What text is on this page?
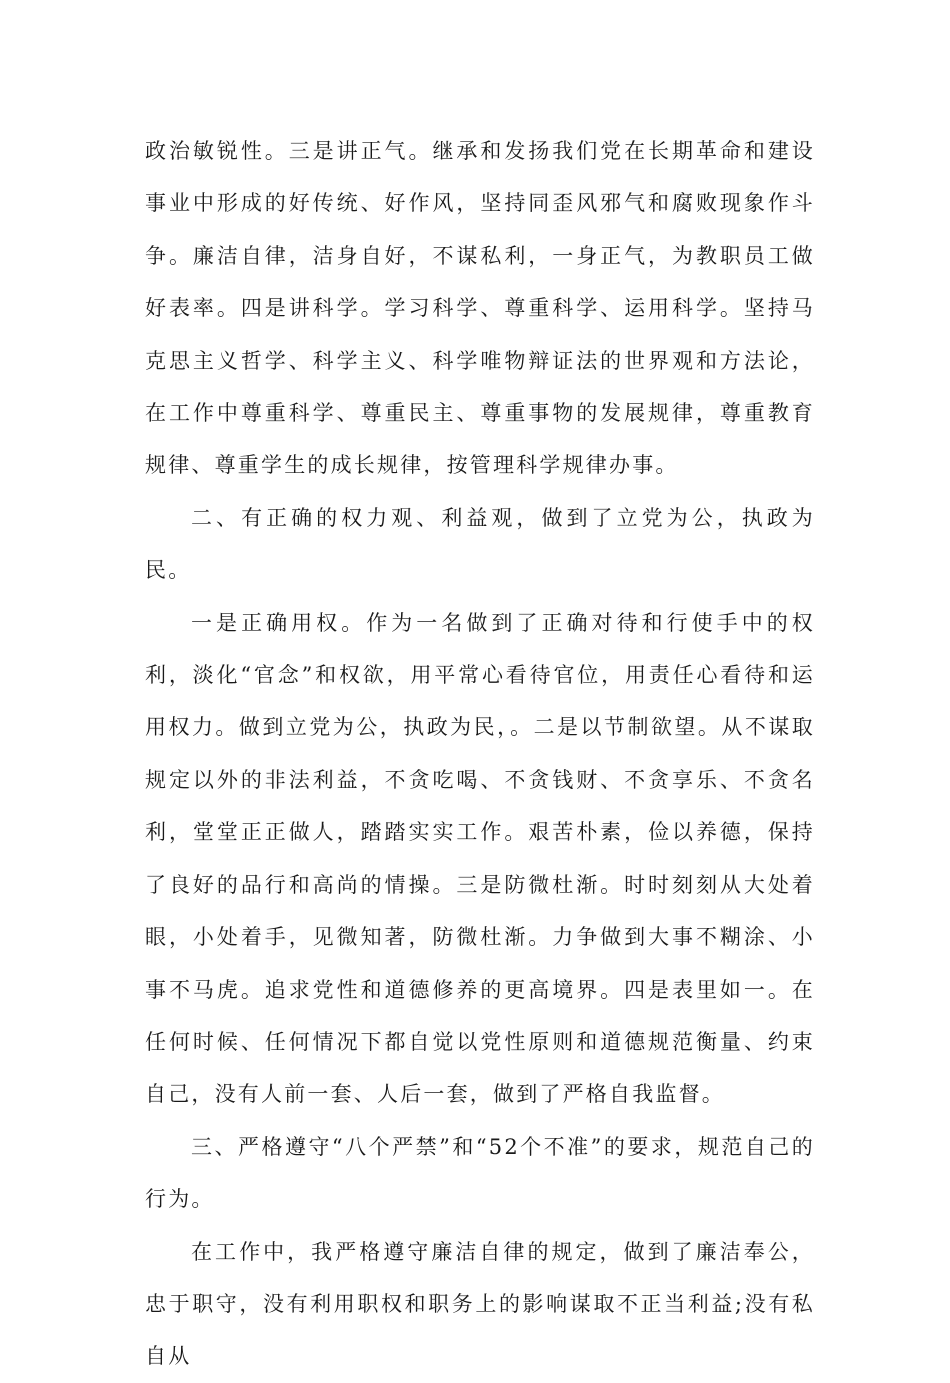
政治敏锐性。三是讲正气。继承和发扬我们党在长期革命和建设事业中形成的好传统、好作风，坚持同歪风邪气和腐败现象作斗争。廉洁自律，洁身自好，不谋私利，一身正气，为教职员工做好表率。四是讲科学。学习科学、尊重科学、运用科学。坚持马克思主义哲学、科学主义、科学唯物辩证法的世界观和方法论，在工作中尊重科学、尊重民主、尊重事物的发展规律，尊重教育规律、尊重学生的成长规律，按管理科学规律办事。

二、有正确的权力观、利益观，做到了立党为公，执政为民。

一是正确用权。作为一名做到了正确对待和行使手中的权利，淡化“官念”和权欲，用平常心看待官位，用责任心看待和运用权力。做到立党为公，执政为民，。二是以节制欲望。从不谋取规定以外的非法利益，不贪吃喝、不贪钱财、不贪享乐、不贪名利，堂堂正正做人，踏踏实实工作。艰苦朴素，俭以养德，保持了良好的品行和高尚的情操。三是防微杜渐。时时刻刻从大处着眼，小处着手，见微知著，防微杜渐。力争做到大事不糊涂、小事不马虎。追求党性和道德修养的更高境界。四是表里如一。在任何时候、任何情况下都自觉以党性原则和道德规范衡量、约束自己，没有人前一套、人后一套，做到了严格自我监督。

三、严格遵守“八个严禁”和“52个不准”的要求，规范自己的行为。

在工作中，我严格遵守廉洁自律的规定，做到了廉洁奉公，忠于职守，没有利用职权和职务上的影响谋取不正当利益;没有私自从
